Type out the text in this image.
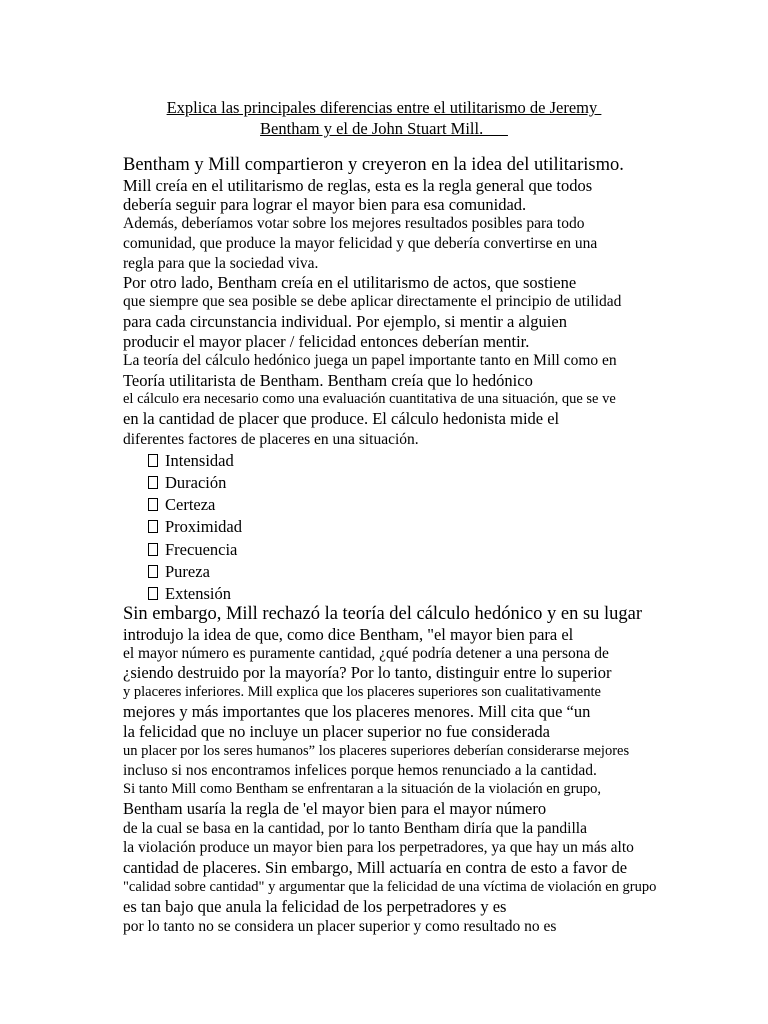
Explica las principales diferencias entre el utilitarismo de Jeremy
Bentham y el de John Stuart Mill.
Bentham y Mill compartieron y creyeron en la idea del utilitarismo.
Mill creía en el utilitarismo de reglas, esta es la regla general que todos
debería seguir para lograr el mayor bien para esa comunidad.
Además, deberíamos votar sobre los mejores resultados posibles para todo
comunidad, que produce la mayor felicidad y que debería convertirse en una
regla para que la sociedad viva.
Por otro lado, Bentham creía en el utilitarismo de actos, que sostiene
que siempre que sea posible se debe aplicar directamente el principio de utilidad
para cada circunstancia individual. Por ejemplo, si mentir a alguien
producir el mayor placer / felicidad entonces deberían mentir.
La teoría del cálculo hedónico juega un papel importante tanto en Mill como en
Teoría utilitarista de Bentham. Bentham creía que lo hedónico
el cálculo era necesario como una evaluación cuantitativa de una situación, que se ve
en la cantidad de placer que produce. El cálculo hedonista mide el
diferentes factores de placeres en una situación.
Intensidad
Duración
Certeza
Proximidad
Frecuencia
Pureza
Extensión
Sin embargo, Mill rechazó la teoría del cálculo hedónico y en su lugar
introdujo la idea de que, como dice Bentham, "el mayor bien para el
el mayor número es puramente cantidad, ¿qué podría detener a una persona de
¿siendo destruido por la mayoría? Por lo tanto, distinguir entre lo superior
y placeres inferiores. Mill explica que los placeres superiores son cualitativamente
mejores y más importantes que los placeres menores. Mill cita que “un
la felicidad que no incluye un placer superior no fue considerada
un placer por los seres humanos” los placeres superiores deberían considerarse mejores
incluso si nos encontramos infelices porque hemos renunciado a la cantidad.
Si tanto Mill como Bentham se enfrentaran a la situación de la violación en grupo,
Bentham usaría la regla de 'el mayor bien para el mayor número
de la cual se basa en la cantidad, por lo tanto Bentham diría que la pandilla
la violación produce un mayor bien para los perpetradores, ya que hay un más alto
cantidad de placeres. Sin embargo, Mill actuaría en contra de esto a favor de
"calidad sobre cantidad" y argumentar que la felicidad de una víctima de violación en grupo
es tan bajo que anula la felicidad de los perpetradores y es
por lo tanto no se considera un placer superior y como resultado no es
